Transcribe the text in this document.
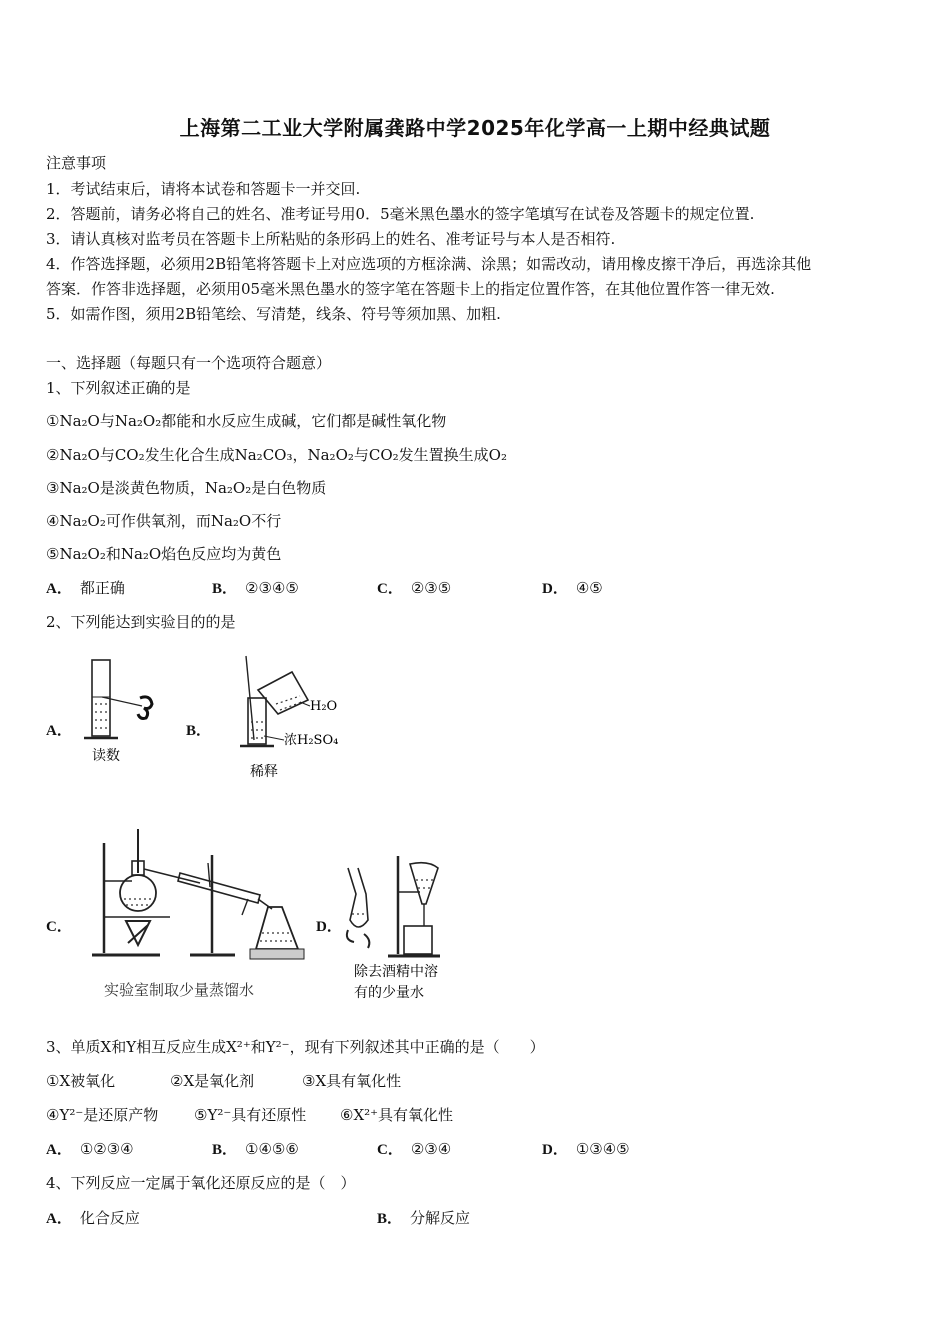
上海第二工业大学附属龚路中学2025年化学高一上期中经典试题
注意事项
1．考试结束后，请将本试卷和答题卡一并交回.
2．答题前，请务必将自己的姓名、准考证号用0．5毫米黑色墨水的签字笔填写在试卷及答题卡的规定位置.
3．请认真核对监考员在答题卡上所粘贴的条形码上的姓名、准考证号与本人是否相符.
4．作答选择题，必须用2B铅笔将答题卡上对应选项的方框涂满、涂黑；如需改动，请用橡皮擦干净后，再选涂其他
答案．作答非选择题，必须用05毫米黑色墨水的签字笔在答题卡上的指定位置作答，在其他位置作答一律无效.
5．如需作图，须用2B铅笔绘、写清楚，线条、符号等须加黑、加粗.
一、选择题（每题只有一个选项符合题意）
1、下列叙述正确的是
①Na₂O与Na₂O₂都能和水反应生成碱，它们都是碱性氧化物
②Na₂O与CO₂发生化合生成Na₂CO₃，Na₂O₂与CO₂发生置换生成O₂
③Na₂O是淡黄色物质，Na₂O₂是白色物质
④Na₂O₂可作供氧剂，而Na₂O不行
⑤Na₂O₂和Na₂O焰色反应均为黄色
A． 都正确	B． ②③④⑤	C． ②③⑤	D． ④⑤
2、下列能达到实验目的的是
A．	B．
C．	D．
读数
H₂O
浓H₂SO₄
稀释
实验室制取少量蒸馏水
除去酒精中溶
有的少量水
3、单质X和Y相互反应生成X²⁺和Y²⁻，现有下列叙述其中正确的是（　　）
①X被氧化	②X是氧化剂	③X具有氧化性
④Y²⁻是还原产物 ⑤Y²⁻具有还原性 ⑥X²⁺具有氧化性
A． ①②③④	B． ①④⑤⑥	C． ②③④	D． ①③④⑤
4、下列反应一定属于氧化还原反应的是（　）
A． 化合反应	B． 分解反应
